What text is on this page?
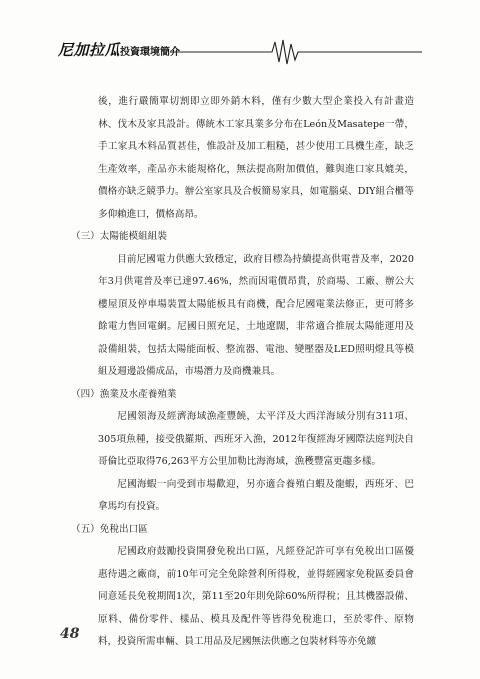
尼加拉瓜投資環境簡介

後，進行嚴簡單切割即立即外銷木料，僅有少數大型企業投入有計畫造林、伐木及家具設計。傳統木工家具業多分布在León及Masatepe一帶，手工家具木料品質甚佳，惟設計及加工粗糙，甚少使用工具機生產，缺乏生產效率，產品亦未能規格化，無法提高附加價值，難與進口家具媲美，價格亦缺乏競爭力。辦公室家具及合板簡易家具，如電腦桌、DIY組合櫃等多仰賴進口，價格高昂。

（三）太陽能模組組裝

目前尼國電力供應大致穩定，政府目標為持續提高供電普及率，2020年3月供電普及率已達97.46%，然而因電價昂貴，於商場、工廠、辦公大樓屋頂及停車場裝置太陽能板具有商機，配合尼國電業法修正，更可將多餘電力售回電網。尼國日照充足，土地遼闊，非常適合推展太陽能運用及設備組裝，包括太陽能面板、整流器、電池、變壓器及LED照明燈具等模組及週邊設備成品，市場潛力及商機兼具。

（四）漁業及水產養殖業

尼國領海及經濟海域漁產豐饒，太平洋及大西洋海域分別有311項、305項魚種，接受俄羅斯、西班牙入漁，2012年復經海牙國際法庭判決自哥倫比亞取得76,263平方公里加勒比海海域，漁穫豐富更趨多樣。

尼國海蝦一向受到市場歡迎，另亦適合養殖白蝦及龍蝦，西班牙、巴拿馬均有投資。

（五）免稅出口區

尼國政府鼓勵投資開發免稅出口區，凡經登記許可享有免稅出口區優惠待遇之廠商，前10年可完全免除營利所得稅，並得經國家免稅區委員會同意延長免稅期間1次，第11至20年則免除60%所得稅；且其機器設備、原料、備份零件、樣品、模具及配件等皆得免稅進口，至於零件、原物料，投資所需車輛、員工用品及尼國無法供應之包裝材料等亦免繳

48
